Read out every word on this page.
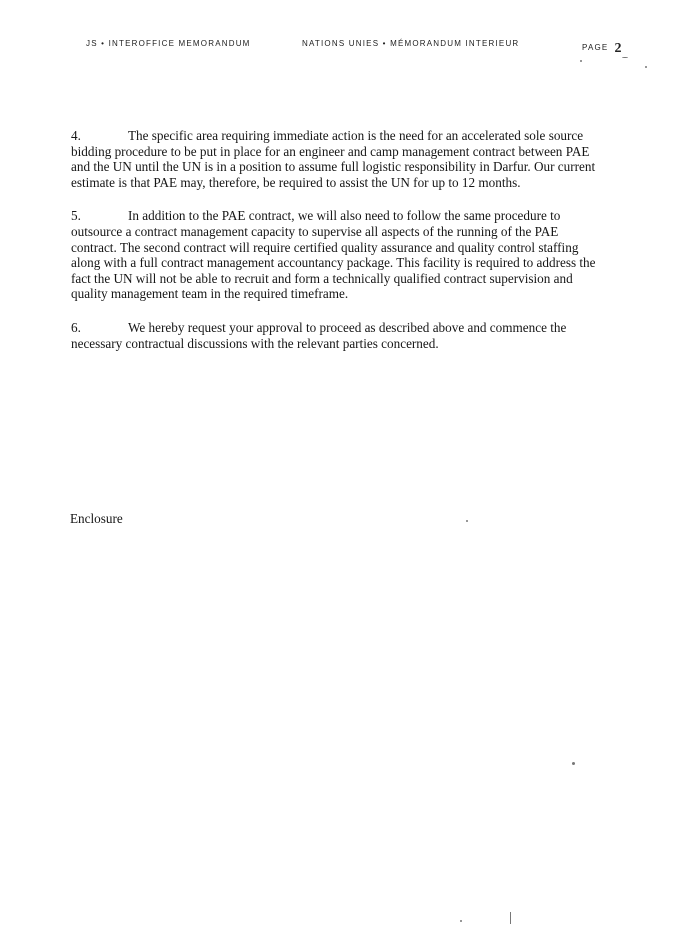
JS • INTEROFFICE MEMORANDUM	NATIONS UNIES • MÉMORANDUM INTERIEUR	PAGE 2

4.	The specific area requiring immediate action is the need for an accelerated sole source bidding procedure to be put in place for an engineer and camp management contract between PAE and the UN until the UN is in a position to assume full logistic responsibility in Darfur. Our current estimate is that PAE may, therefore, be required to assist the UN for up to 12 months.

5.	In addition to the PAE contract, we will also need to follow the same procedure to outsource a contract management capacity to supervise all aspects of the running of the PAE contract. The second contract will require certified quality assurance and quality control staffing along with a full contract management accountancy package. This facility is required to address the fact the UN will not be able to recruit and form a technically qualified contract supervision and quality management team in the required timeframe.

6.	We hereby request your approval to proceed as described above and commence the necessary contractual discussions with the relevant parties concerned.

Enclosure
